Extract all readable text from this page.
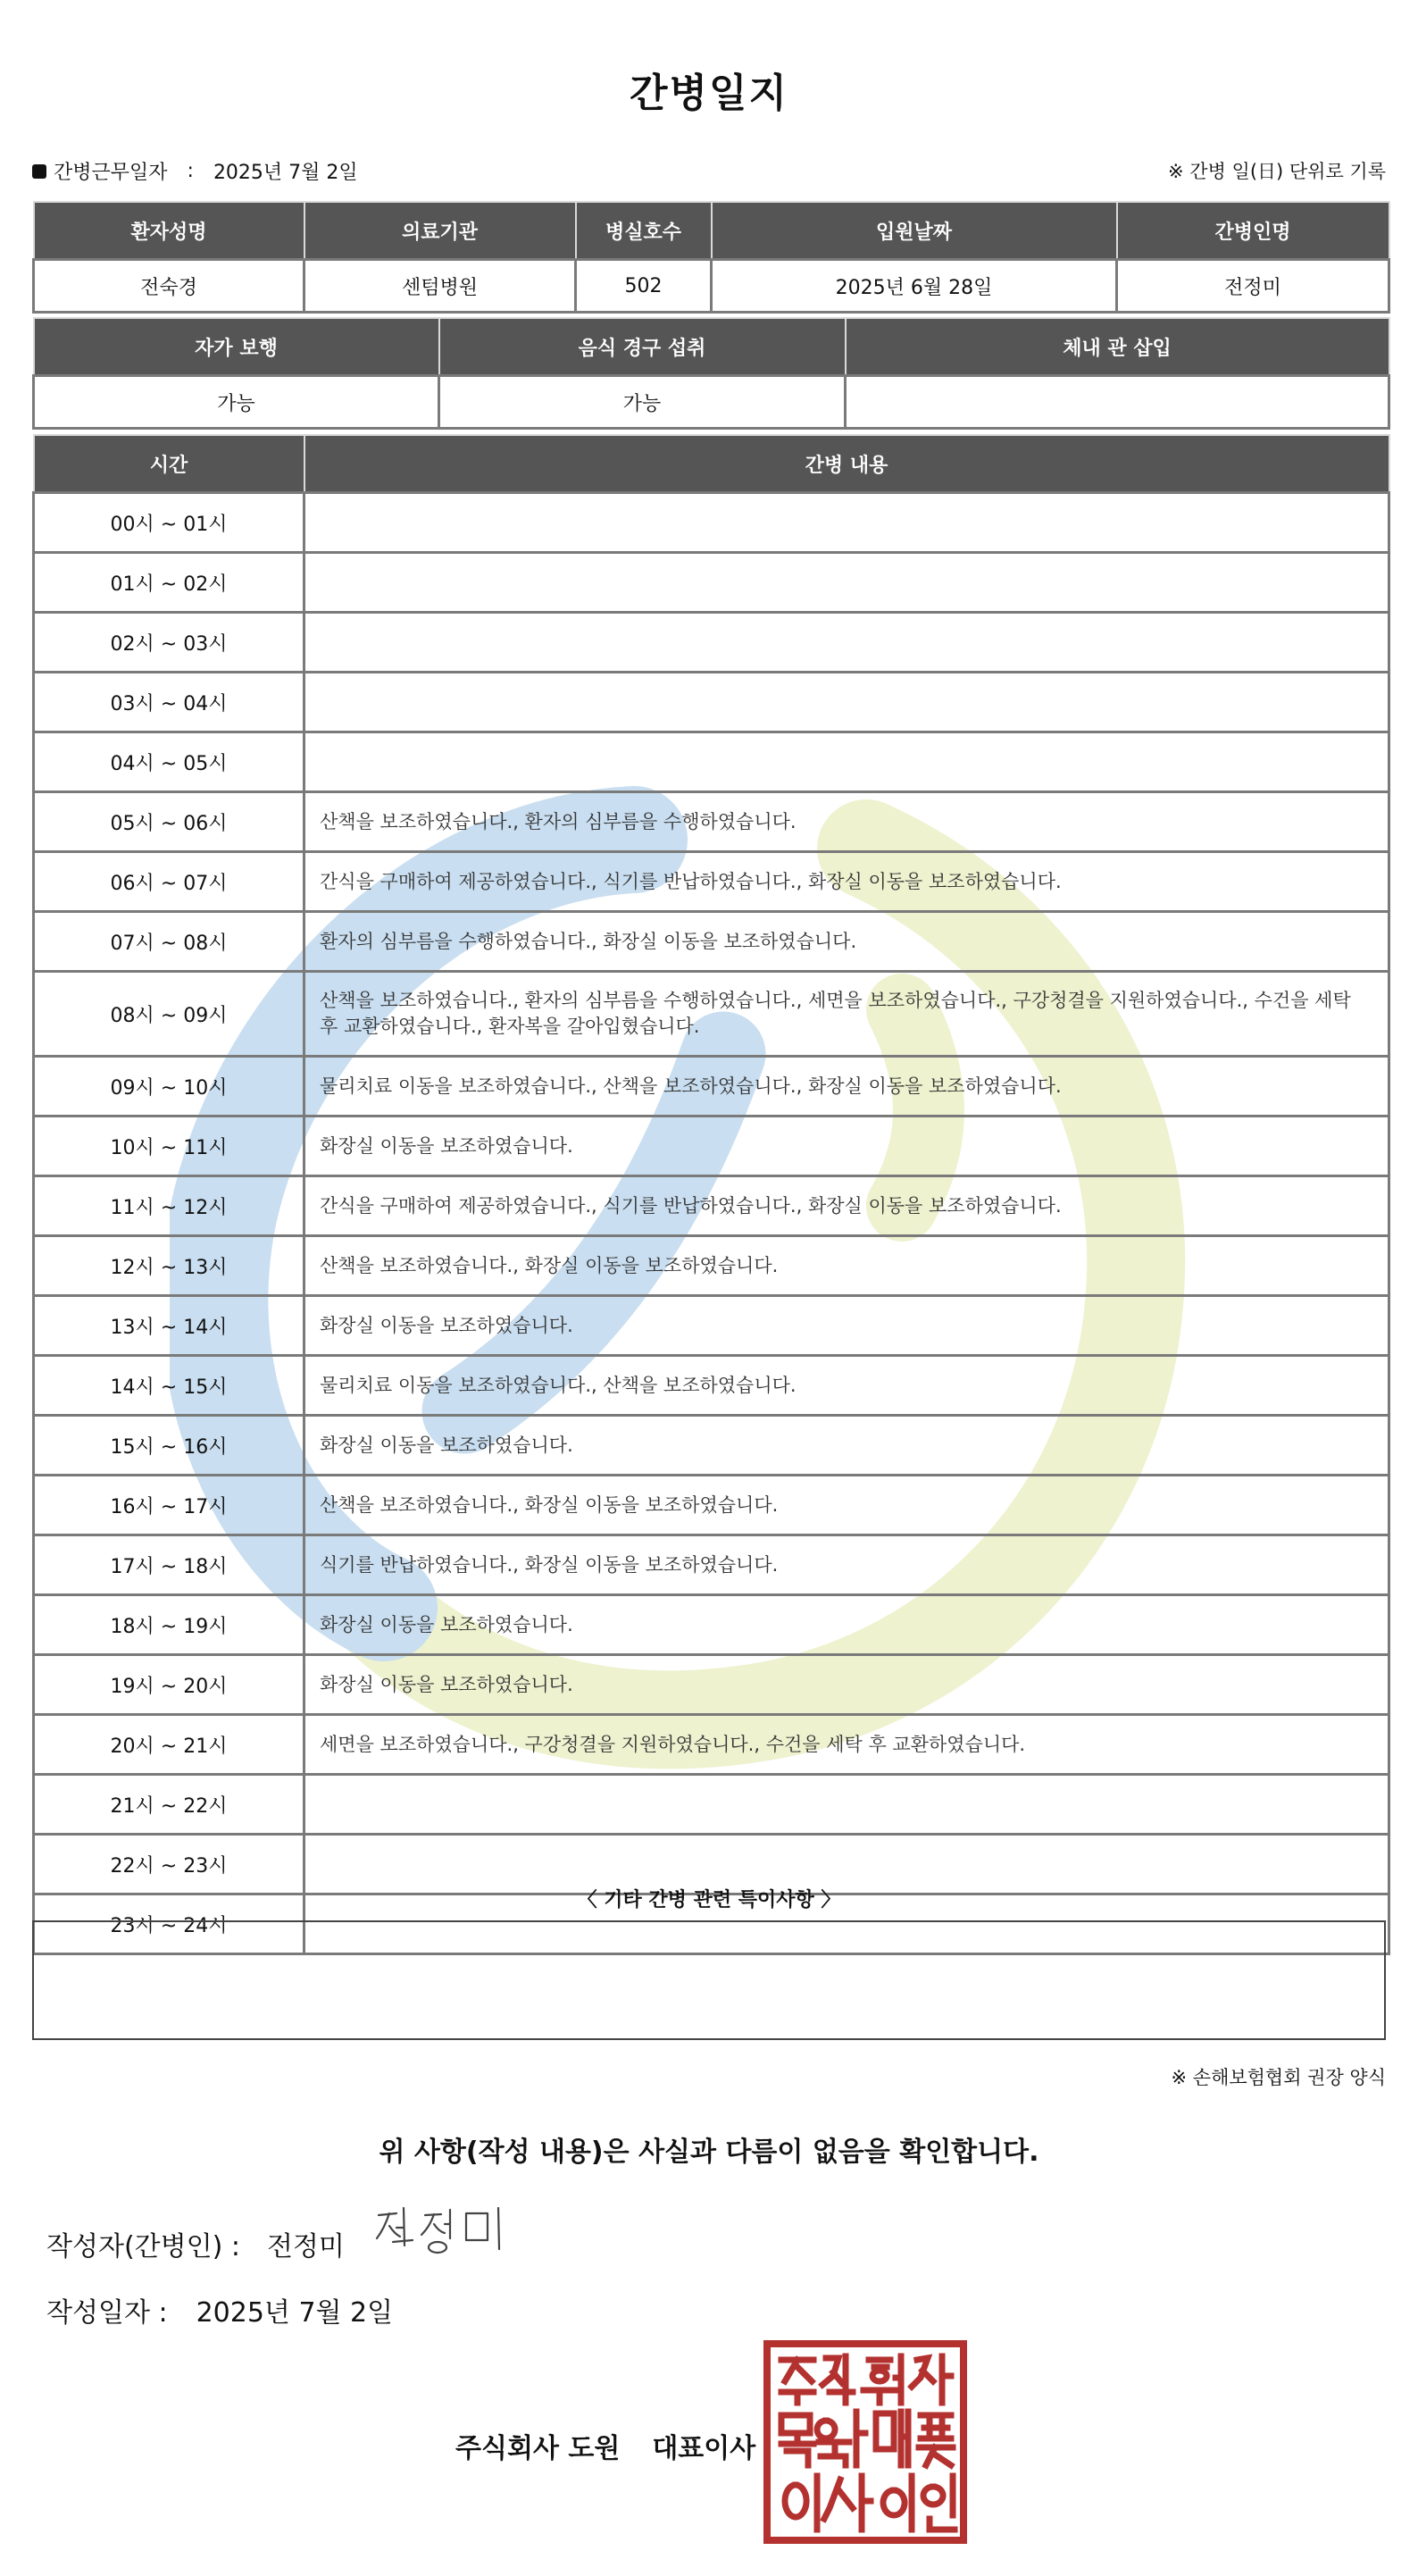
간병일지
간병근무일자 : 2025년 7월 2일	※ 간병 일(日) 단위로 기록
환자성명	의료기관	병실호수	입원날짜	간병인명
전숙경	센텀병원	502	2025년 6월 28일	전정미
자가 보행	음식 경구 섭취	체내 관 삽입
가능	가능	
시간	간병 내용
00시 ~ 01시	
01시 ~ 02시	
02시 ~ 03시	
03시 ~ 04시	
04시 ~ 05시	
05시 ~ 06시	산책을 보조하였습니다., 환자의 심부름을 수행하였습니다.
06시 ~ 07시	간식을 구매하여 제공하였습니다., 식기를 반납하였습니다., 화장실 이동을 보조하였습니다.
07시 ~ 08시	환자의 심부름을 수행하였습니다., 화장실 이동을 보조하였습니다.
08시 ~ 09시	산책을 보조하였습니다., 환자의 심부름을 수행하였습니다., 세면을 보조하였습니다., 구강청결을 지원하였습니다., 수건을 세탁 후 교환하였습니다., 환자복을 갈아입혔습니다.
09시 ~ 10시	물리치료 이동을 보조하였습니다., 산책을 보조하였습니다., 화장실 이동을 보조하였습니다.
10시 ~ 11시	화장실 이동을 보조하였습니다.
11시 ~ 12시	간식을 구매하여 제공하였습니다., 식기를 반납하였습니다., 화장실 이동을 보조하였습니다.
12시 ~ 13시	산책을 보조하였습니다., 화장실 이동을 보조하였습니다.
13시 ~ 14시	화장실 이동을 보조하였습니다.
14시 ~ 15시	물리치료 이동을 보조하였습니다., 산책을 보조하였습니다.
15시 ~ 16시	화장실 이동을 보조하였습니다.
16시 ~ 17시	산책을 보조하였습니다., 화장실 이동을 보조하였습니다.
17시 ~ 18시	식기를 반납하였습니다., 화장실 이동을 보조하였습니다.
18시 ~ 19시	화장실 이동을 보조하였습니다.
19시 ~ 20시	화장실 이동을 보조하였습니다.
20시 ~ 21시	세면을 보조하였습니다., 구강청결을 지원하였습니다., 수건을 세탁 후 교환하였습니다.
21시 ~ 22시	
22시 ~ 23시	
23시 ~ 24시	
〈 기타 간병 관련 특이사항 〉
※ 손해보험협회 권장 양식
위 사항(작성 내용)은 사실과 다름이 없음을 확인합니다.
작성자(간병인) : 전정미
작성일자 : 2025년 7월 2일
주식회사 도원 대표이사
